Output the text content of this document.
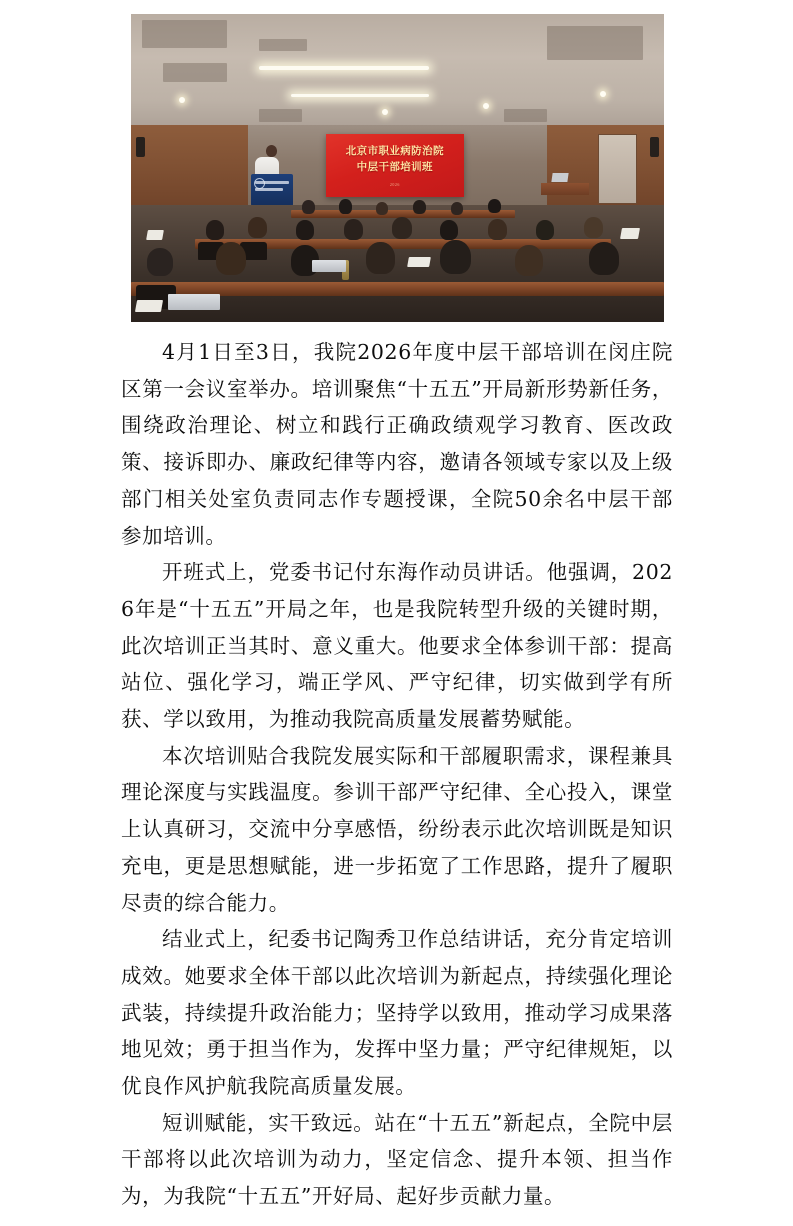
北京市职业病防治院
中层干部培训班
2026

4月1日至3日，我院2026年度中层干部培训在闵庄院区第一会议室举办。培训聚焦“十五五”开局新形势新任务，围绕政治理论、树立和践行正确政绩观学习教育、医改政策、接诉即办、廉政纪律等内容，邀请各领域专家以及上级部门相关处室负责同志作专题授课，全院50余名中层干部参加培训。

开班式上，党委书记付东海作动员讲话。他强调，2026年是“十五五”开局之年，也是我院转型升级的关键时期，此次培训正当其时、意义重大。他要求全体参训干部：提高站位、强化学习，端正学风、严守纪律，切实做到学有所获、学以致用，为推动我院高质量发展蓄势赋能。

本次培训贴合我院发展实际和干部履职需求，课程兼具理论深度与实践温度。参训干部严守纪律、全心投入，课堂上认真研习，交流中分享感悟，纷纷表示此次培训既是知识充电，更是思想赋能，进一步拓宽了工作思路，提升了履职尽责的综合能力。

结业式上，纪委书记陶秀卫作总结讲话，充分肯定培训成效。她要求全体干部以此次培训为新起点，持续强化理论武装，持续提升政治能力；坚持学以致用，推动学习成果落地见效；勇于担当作为，发挥中坚力量；严守纪律规矩，以优良作风护航我院高质量发展。

短训赋能，实干致远。站在“十五五”新起点，全院中层干部将以此次培训为动力，坚定信念、提升本领、担当作为，为我院“十五五”开好局、起好步贡献力量。
